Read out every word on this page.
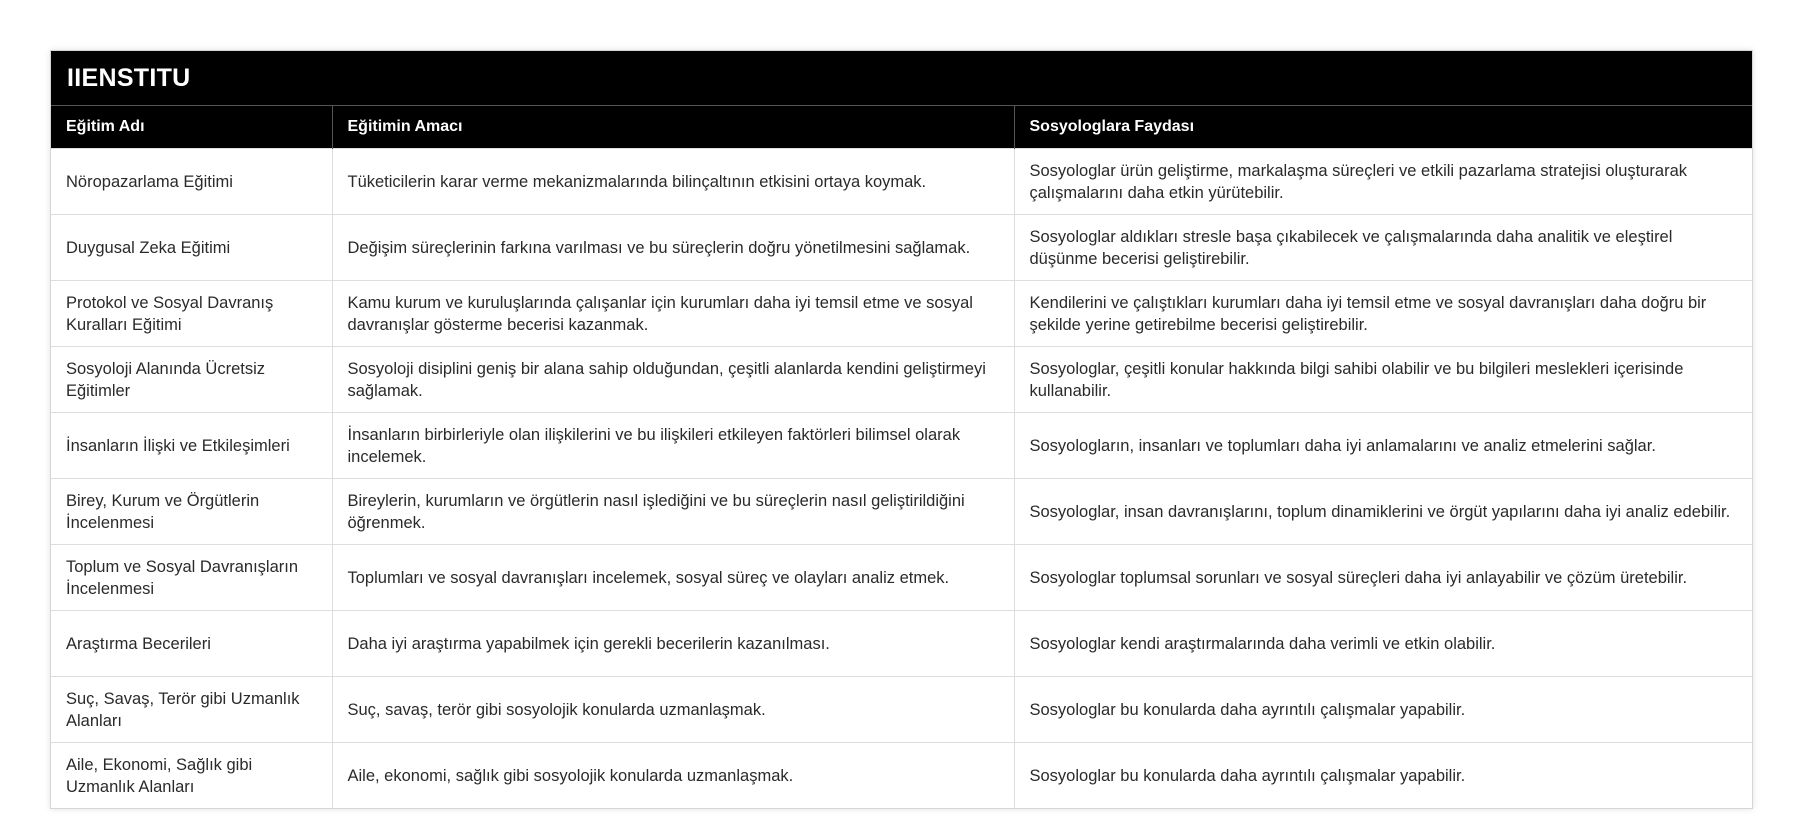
IIENSTITU
Eğitim Adı	Eğitimin Amacı	Sosyologlara Faydası
Nöropazarlama Eğitimi	Tüketicilerin karar verme mekanizmalarında bilinçaltının etkisini ortaya koymak.	Sosyologlar ürün geliştirme, markalaşma süreçleri ve etkili pazarlama stratejisi oluşturarak çalışmalarını daha etkin yürütebilir.
Duygusal Zeka Eğitimi	Değişim süreçlerinin farkına varılması ve bu süreçlerin doğru yönetilmesini sağlamak.	Sosyologlar aldıkları stresle başa çıkabilecek ve çalışmalarında daha analitik ve eleştirel düşünme becerisi geliştirebilir.
Protokol ve Sosyal Davranış Kuralları Eğitimi	Kamu kurum ve kuruluşlarında çalışanlar için kurumları daha iyi temsil etme ve sosyal davranışlar gösterme becerisi kazanmak.	Kendilerini ve çalıştıkları kurumları daha iyi temsil etme ve sosyal davranışları daha doğru bir şekilde yerine getirebilme becerisi geliştirebilir.
Sosyoloji Alanında Ücretsiz Eğitimler	Sosyoloji disiplini geniş bir alana sahip olduğundan, çeşitli alanlarda kendini geliştirmeyi sağlamak.	Sosyologlar, çeşitli konular hakkında bilgi sahibi olabilir ve bu bilgileri meslekleri içerisinde kullanabilir.
İnsanların İlişki ve Etkileşimleri	İnsanların birbirleriyle olan ilişkilerini ve bu ilişkileri etkileyen faktörleri bilimsel olarak incelemek.	Sosyologların, insanları ve toplumları daha iyi anlamalarını ve analiz etmelerini sağlar.
Birey, Kurum ve Örgütlerin İncelenmesi	Bireylerin, kurumların ve örgütlerin nasıl işlediğini ve bu süreçlerin nasıl geliştirildiğini öğrenmek.	Sosyologlar, insan davranışlarını, toplum dinamiklerini ve örgüt yapılarını daha iyi analiz edebilir.
Toplum ve Sosyal Davranışların İncelenmesi	Toplumları ve sosyal davranışları incelemek, sosyal süreç ve olayları analiz etmek.	Sosyologlar toplumsal sorunları ve sosyal süreçleri daha iyi anlayabilir ve çözüm üretebilir.
Araştırma Becerileri	Daha iyi araştırma yapabilmek için gerekli becerilerin kazanılması.	Sosyologlar kendi araştırmalarında daha verimli ve etkin olabilir.
Suç, Savaş, Terör gibi Uzmanlık Alanları	Suç, savaş, terör gibi sosyolojik konularda uzmanlaşmak.	Sosyologlar bu konularda daha ayrıntılı çalışmalar yapabilir.
Aile, Ekonomi, Sağlık gibi Uzmanlık Alanları	Aile, ekonomi, sağlık gibi sosyolojik konularda uzmanlaşmak.	Sosyologlar bu konularda daha ayrıntılı çalışmalar yapabilir.
